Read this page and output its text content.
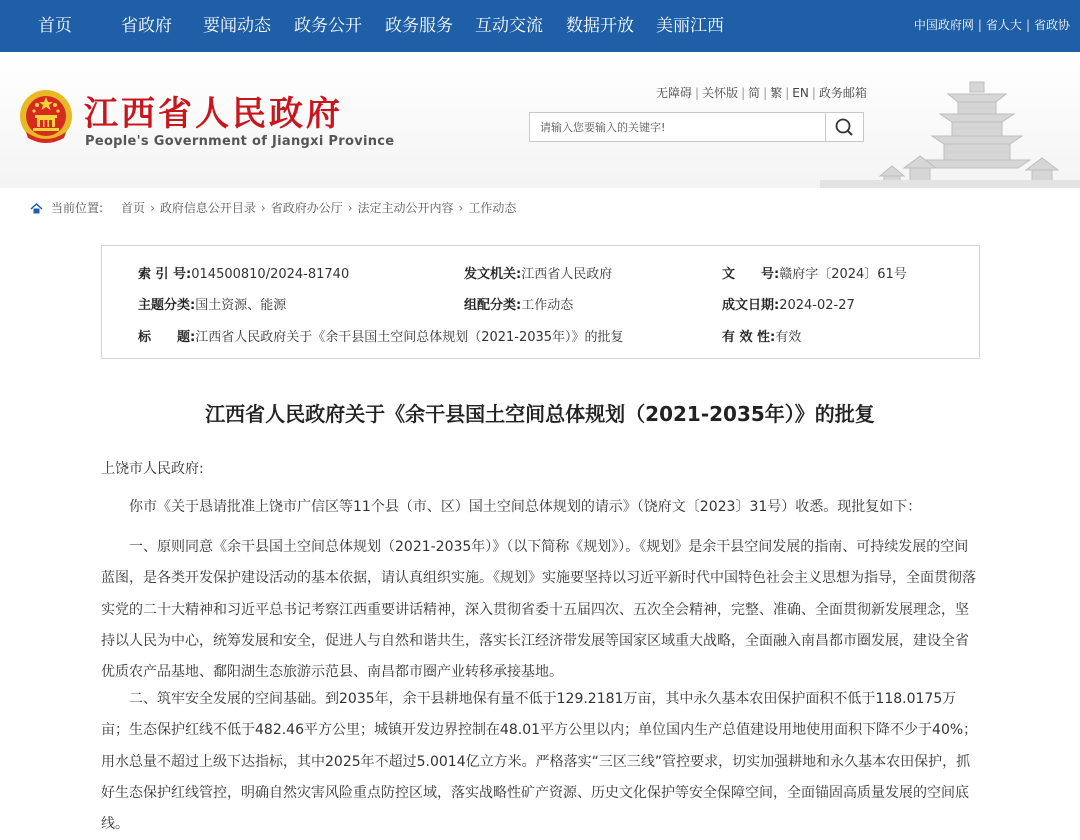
首页	省政府 要闻动态 政务公开 政务服务 互动交流 数据开放 美丽江西	中国政府网 | 省人大 | 省政协
江西省人民政府
People's Government of Jiangxi Province
无障碍 | 关怀版 | 简 | 繁 | EN | 政务邮箱
请输入您要输入的关键字!
当前位置: 首页 › 政府信息公开目录 › 省政府办公厅 › 法定主动公开内容 › 工作动态
索 引 号:014500810/2024-81740	发文机关:江西省人民政府	文　　号:赣府字〔2024〕61号
主题分类:国土资源、能源	组配分类:工作动态	成文日期:2024-02-27
标　　题:江西省人民政府关于《余干县国土空间总体规划（2021-2035年）》的批复	有 效 性:有效
江西省人民政府关于《余干县国土空间总体规划（2021-2035年）》的批复
上饶市人民政府:

你市《关于恳请批准上饶市广信区等11个县（市、区）国土空间总体规划的请示》（饶府文〔2023〕31号）收悉。现批复如下：

一、原则同意《余干县国土空间总体规划（2021-2035年）》（以下简称《规划》）。《规划》是余干县空间发展的指南、可持续发展的空间蓝图，是各类开发保护建设活动的基本依据，请认真组织实施。《规划》实施要坚持以习近平新时代中国特色社会主义思想为指导，全面贯彻落实党的二十大精神和习近平总书记考察江西重要讲话精神，深入贯彻省委十五届四次、五次全会精神，完整、准确、全面贯彻新发展理念，坚持以人民为中心，统筹发展和安全，促进人与自然和谐共生，落实长江经济带发展等国家区域重大战略，全面融入南昌都市圈发展，建设全省优质农产品基地、鄱阳湖生态旅游示范县、南昌都市圈产业转移承接基地。

二、筑牢安全发展的空间基础。到2035年，余干县耕地保有量不低于129.2181万亩，其中永久基本农田保护面积不低于118.0175万亩；生态保护红线不低于482.46平方公里；城镇开发边界控制在48.01平方公里以内；单位国内生产总值建设用地使用面积下降不少于40%；用水总量不超过上级下达指标，其中2025年不超过5.0014亿立方米。严格落实“三区三线”管控要求，切实加强耕地和永久基本农田保护，抓好生态保护红线管控，明确自然灾害风险重点防控区域，落实战略性矿产资源、历史文化保护等安全保障空间，全面锚固高质量发展的空间底线。
